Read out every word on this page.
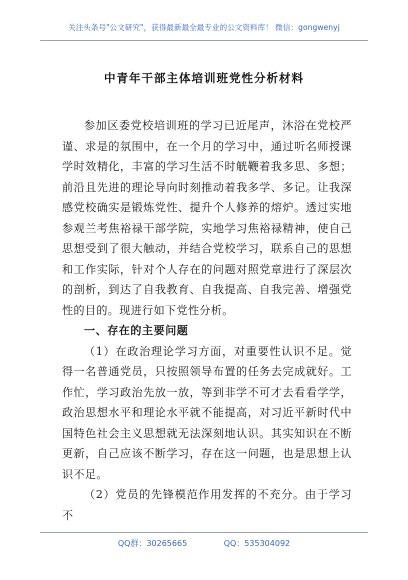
关注头条号"公文研究"，获得最新最全最专业的公文资料库！ 微信：gongwenyj
中青年干部主体培训班党性分析材料

参加区委党校培训班的学习已近尾声，沐浴在党校严谨、求是的氛围中，在一个月的学习中，通过听名师授课学时效精化，丰富的学习生活不时觥鞭着我多思、多想；前沿且先进的理论导向时刻推动着我多学、多记。让我深感党校确实是锻炼党性、提升个人修养的熔炉。透过实地参观兰考焦裕禄干部学院，实地学习焦裕禄精神，使自己思想受到了很大触动，并结合党校学习，联系自己的思想和工作实际，针对个人存在的问题对照党章进行了深层次的剖析，到达了自我教育、自我提高、自我完善、增强党性的目的。现进行如下党性分析。

一、存在的主要问题

（1）在政治理论学习方面，对重要性认识不足。觉得一名普通党员，只按照领导布置的任务去完成就好。工作忙，学习政治先放一放，等到非学不可才去看看学学，政治思想水平和理论水平就不能提高，对习近平新时代中国特色社会主义思想就无法深刻地认识。其实知识在不断更新，自己应该不断学习，存在这一问题，也是思想上认识不足。

（2）党员的先锋模范作用发挥的不充分。由于学习不

QQ群：30265665	QQ：535304092
